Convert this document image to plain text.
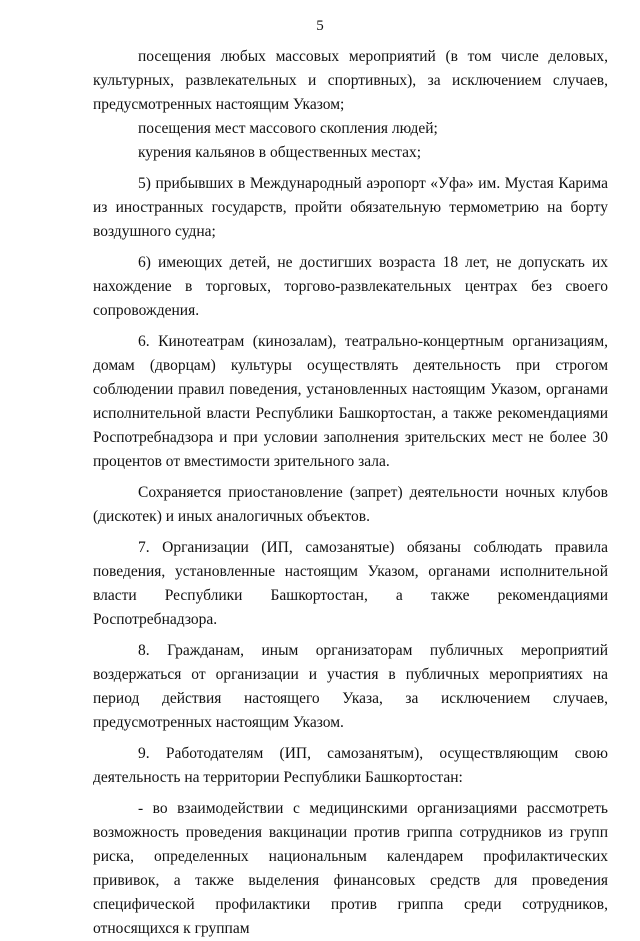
5

посещения любых массовых мероприятий (в том числе деловых, культурных, развлекательных и спортивных), за исключением случаев, предусмотренных настоящим Указом;

посещения мест массового скопления людей;

курения кальянов в общественных местах;

5) прибывших в Международный аэропорт «Уфа» им. Мустая Карима из иностранных государств, пройти обязательную термометрию на борту воздушного судна;

6) имеющих детей, не достигших возраста 18 лет, не допускать их нахождение в торговых, торгово-развлекательных центрах без своего сопровождения.

6. Кинотеатрам (кинозалам), театрально-концертным организациям, домам (дворцам) культуры осуществлять деятельность при строгом соблюдении правил поведения, установленных настоящим Указом, органами исполнительной власти Республики Башкортостан, а также рекомендациями Роспотребнадзора и при условии заполнения зрительских мест не более 30 процентов от вместимости зрительного зала.

Сохраняется приостановление (запрет) деятельности ночных клубов (дискотек) и иных аналогичных объектов.

7. Организации (ИП, самозанятые) обязаны соблюдать правила поведения, установленные настоящим Указом, органами исполнительной власти Республики Башкортостан, а также рекомендациями Роспотребнадзора.

8. Гражданам, иным организаторам публичных мероприятий воздержаться от организации и участия в публичных мероприятиях на период действия настоящего Указа, за исключением случаев, предусмотренных настоящим Указом.

9. Работодателям (ИП, самозанятым), осуществляющим свою деятельность на территории Республики Башкортостан:

- во взаимодействии с медицинскими организациями рассмотреть возможность проведения вакцинации против гриппа сотрудников из групп риска, определенных национальным календарем профилактических прививок, а также выделения финансовых средств для проведения специфической профилактики против гриппа среди сотрудников, относящихся к группам
